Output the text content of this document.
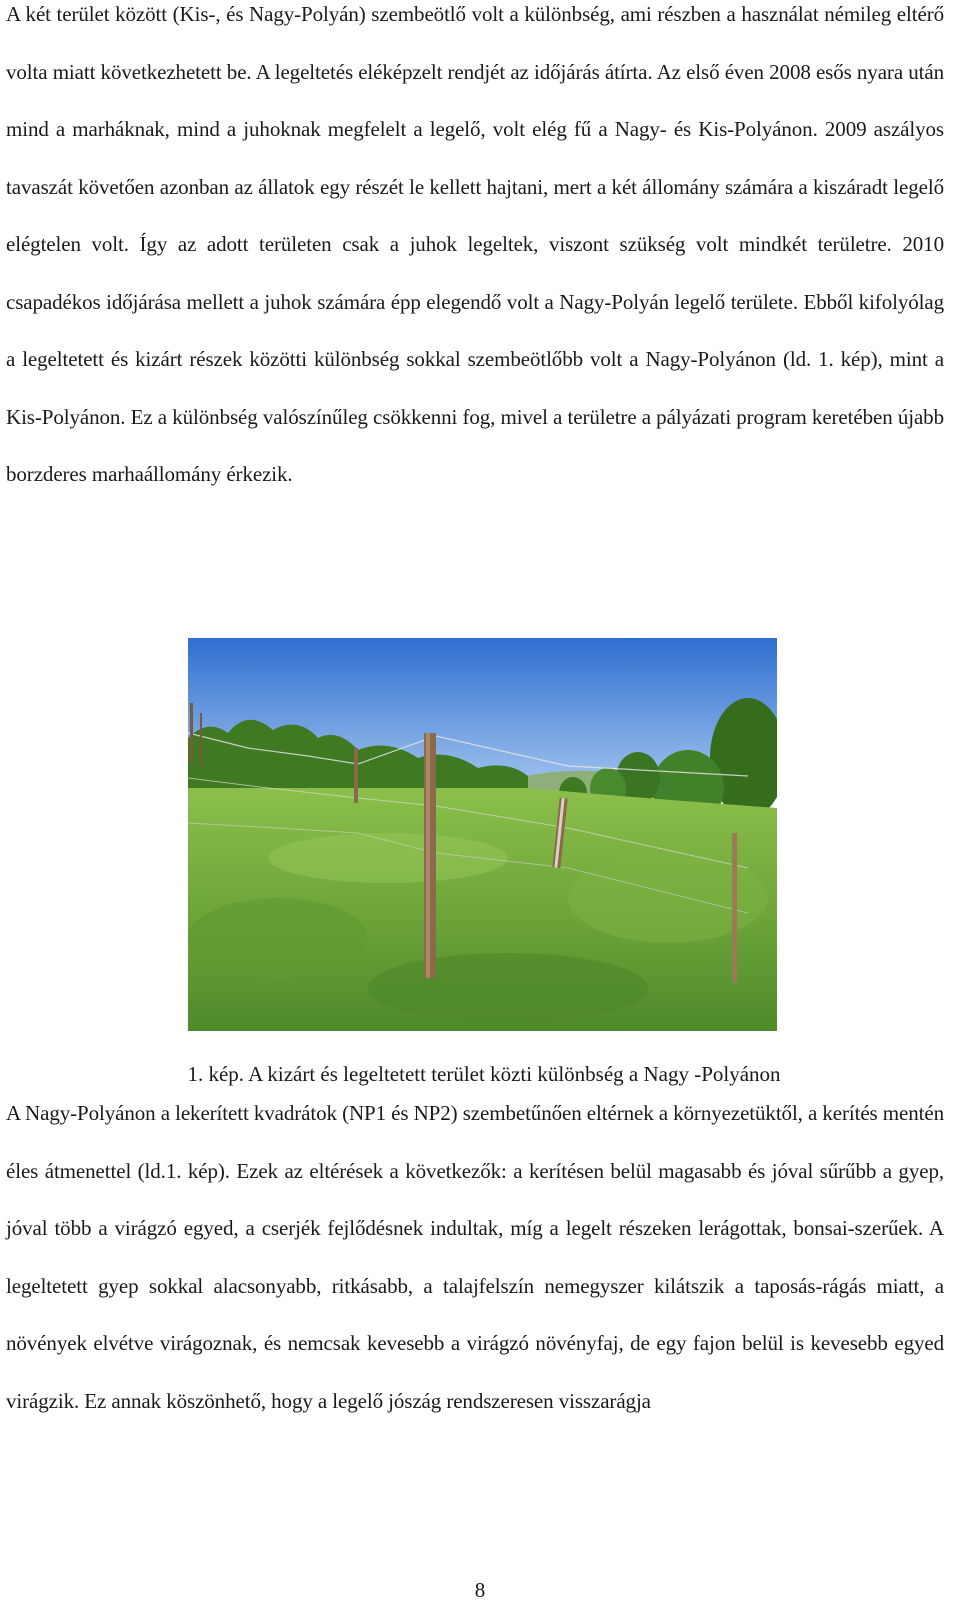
A két terület között (Kis-, és Nagy-Polyán) szembeötlő volt a különbség, ami részben a használat némileg eltérő volta miatt következhetett be. A legeltetés eléképzelt rendjét az időjárás átírta. Az első éven 2008 esős nyara után mind a marháknak, mind a juhoknak megfelelt a legelő, volt elég fű a Nagy- és Kis-Polyánon. 2009 aszályos tavaszát követően azonban az állatok egy részét le kellett hajtani, mert a két állomány számára a kiszáradt legelő elégtelen volt. Így az adott területen csak a juhok legeltek, viszont szükség volt mindkét területre. 2010 csapadékos időjárása mellett a juhok számára épp elegendő volt a Nagy-Polyán legelő területe. Ebből kifolyólag a legeltetett és kizárt részek közötti különbség sokkal szembeötlőbb volt a Nagy-Polyánon (ld. 1. kép), mint a Kis-Polyánon. Ez a különbség valószínűleg csökkenni fog, mivel a területre a pályázati program keretében újabb borzderes marhaállomány érkezik.

1. kép. A kizárt és legeltetett terület közti különbség a Nagy -Polyánon

A Nagy-Polyánon a lekerített kvadrátok (NP1 és NP2) szembetűnően eltérnek a környezetüktől, a kerítés mentén éles átmenettel (ld.1. kép). Ezek az eltérések a következők: a kerítésen belül magasabb és jóval sűrűbb a gyep, jóval több a virágzó egyed, a cserjék fejlődésnek indultak, míg a legelt részeken lerágottak, bonsai-szerűek. A legeltetett gyep sokkal alacsonyabb, ritkásabb, a talajfelszín nemegyszer kilátszik a taposás-rágás miatt, a növények elvétve virágoznak, és nemcsak kevesebb a virágzó növényfaj, de egy fajon belül is kevesebb egyed virágzik. Ez annak köszönhető, hogy a legelő jószág rendszeresen visszarágja

8
